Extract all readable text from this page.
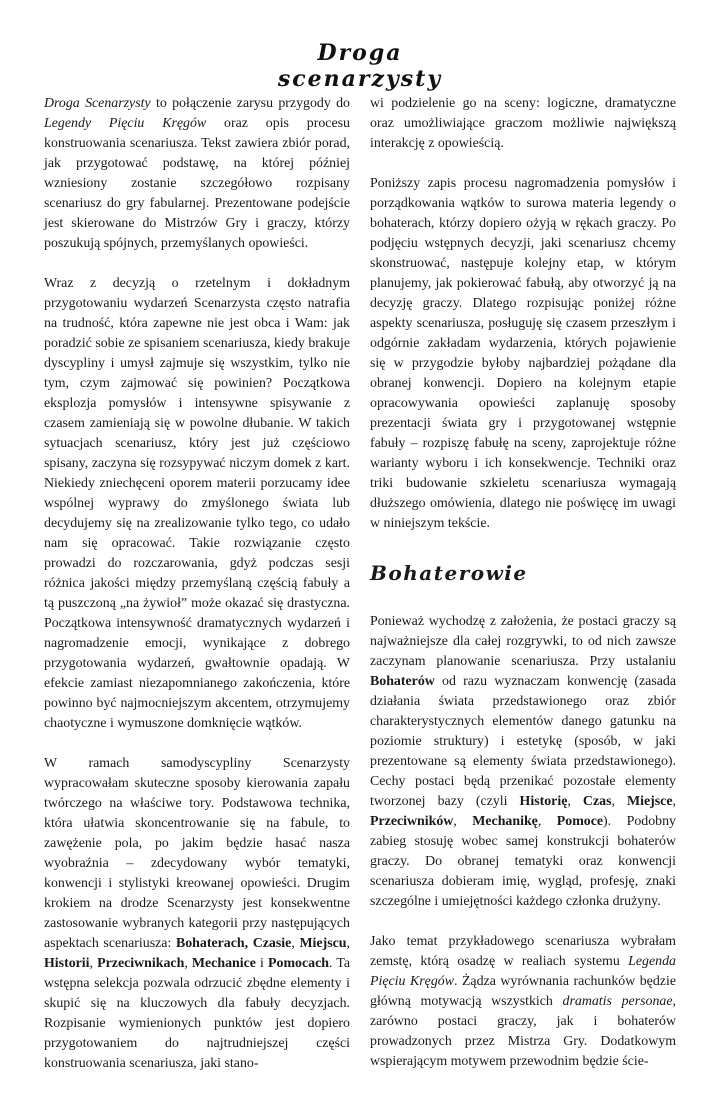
Droga scenarzysty

Droga Scenarzysty to połączenie zarysu przygody do Legendy Pięciu Kręgów oraz opis procesu konstruowania scenariusza. Tekst zawiera zbiór porad, jak przygotować podstawę, na której później wzniesiony zostanie szczegółowo rozpisany scenariusz do gry fabularnej. Prezentowane podejście jest skierowane do Mistrzów Gry i graczy, którzy poszukują spójnych, przemyślanych opowieści.

Wraz z decyzją o rzetelnym i dokładnym przygotowaniu wydarzeń Scenarzysta często natrafia na trudność, która zapewne nie jest obca i Wam: jak poradzić sobie ze spisaniem scenariusza, kiedy brakuje dyscypliny i umysł zajmuje się wszystkim, tylko nie tym, czym zajmować się powinien? Początkowa eksplozja pomysłów i intensywne spisywanie z czasem zamieniają się w powolne dłubanie. W takich sytuacjach scenariusz, który jest już częściowo spisany, zaczyna się rozsypywać niczym domek z kart. Niekiedy zniechęceni oporem materii porzucamy idee wspólnej wyprawy do zmyślonego świata lub decydujemy się na zrealizowanie tylko tego, co udało nam się opracować. Takie rozwiązanie często prowadzi do rozczarowania, gdyż podczas sesji różnica jakości między przemyślaną częścią fabuły a tą puszczoną „na żywioł” może okazać się drastyczna. Początkowa intensywność dramatycznych wydarzeń i nagromadzenie emocji, wynikające z dobrego przygotowania wydarzeń, gwałtownie opadają. W efekcie zamiast niezapomnianego zakończenia, które powinno być najmocniejszym akcentem, otrzymujemy chaotyczne i wymuszone domknięcie wątków.

W ramach samodyscypliny Scenarzysty wypracowałam skuteczne sposoby kierowania zapału twórczego na właściwe tory. Podstawowa technika, która ułatwia skoncentrowanie się na fabule, to zawężenie pola, po jakim będzie hasać nasza wyobraźnia – zdecydowany wybór tematyki, konwencji i stylistyki kreowanej opowieści. Drugim krokiem na drodze Scenarzysty jest konsekwentne zastosowanie wybranych kategorii przy następujących aspektach scenariusza: Bohaterach, Czasie, Miejscu, Historii, Przeciwnikach, Mechanice i Pomocach. Ta wstępna selekcja pozwala odrzucić zbędne elementy i skupić się na kluczowych dla fabuły decyzjach. Rozpisanie wymienionych punktów jest dopiero przygotowaniem do najtrudniejszej części konstruowania scenariusza, jaki stano-

wi podzielenie go na sceny: logiczne, dramatyczne oraz umożliwiające graczom możliwie największą interakcję z opowieścią.

Poniższy zapis procesu nagromadzenia pomysłów i porządkowania wątków to surowa materia legendy o bohaterach, którzy dopiero ożyją w rękach graczy. Po podjęciu wstępnych decyzji, jaki scenariusz chcemy skonstruować, następuje kolejny etap, w którym planujemy, jak pokierować fabułą, aby otworzyć ją na decyzję graczy. Dlatego rozpisując poniżej różne aspekty scenariusza, posługuję się czasem przeszłym i odgórnie zakładam wydarzenia, których pojawienie się w przygodzie byłoby najbardziej pożądane dla obranej konwencji. Dopiero na kolejnym etapie opracowywania opowieści zaplanuję sposoby prezentacji świata gry i przygotowanej wstępnie fabuły – rozpiszę fabułę na sceny, zaprojektuje różne warianty wyboru i ich konsekwencje. Techniki oraz triki budowanie szkieletu scenariusza wymagają dłuższego omówienia, dlatego nie poświęcę im uwagi w niniejszym tekście.

Bohaterowie

Ponieważ wychodzę z założenia, że postaci graczy są najważniejsze dla całej rozgrywki, to od nich zawsze zaczynam planowanie scenariusza. Przy ustalaniu Bohaterów od razu wyznaczam konwencję (zasada działania świata przedstawionego oraz zbiór charakterystycznych elementów danego gatunku na poziomie struktury) i estetykę (sposób, w jaki prezentowane są elementy świata przedstawionego). Cechy postaci będą przenikać pozostałe elementy tworzonej bazy (czyli Historię, Czas, Miejsce, Przeciwników, Mechanikę, Pomoce). Podobny zabieg stosuję wobec samej konstrukcji bohaterów graczy. Do obranej tematyki oraz konwencji scenariusza dobieram imię, wygląd, profesję, znaki szczególne i umiejętności każdego członka drużyny.

Jako temat przykładowego scenariusza wybrałam zemstę, którą osadzę w realiach systemu Legenda Pięciu Kręgów. Żądza wyrównania rachunków będzie główną motywacją wszystkich dramatis personae, zarówno postaci graczy, jak i bohaterów prowadzonych przez Mistrza Gry. Dodatkowym wspierającym motywem przewodnim będzie ście-
